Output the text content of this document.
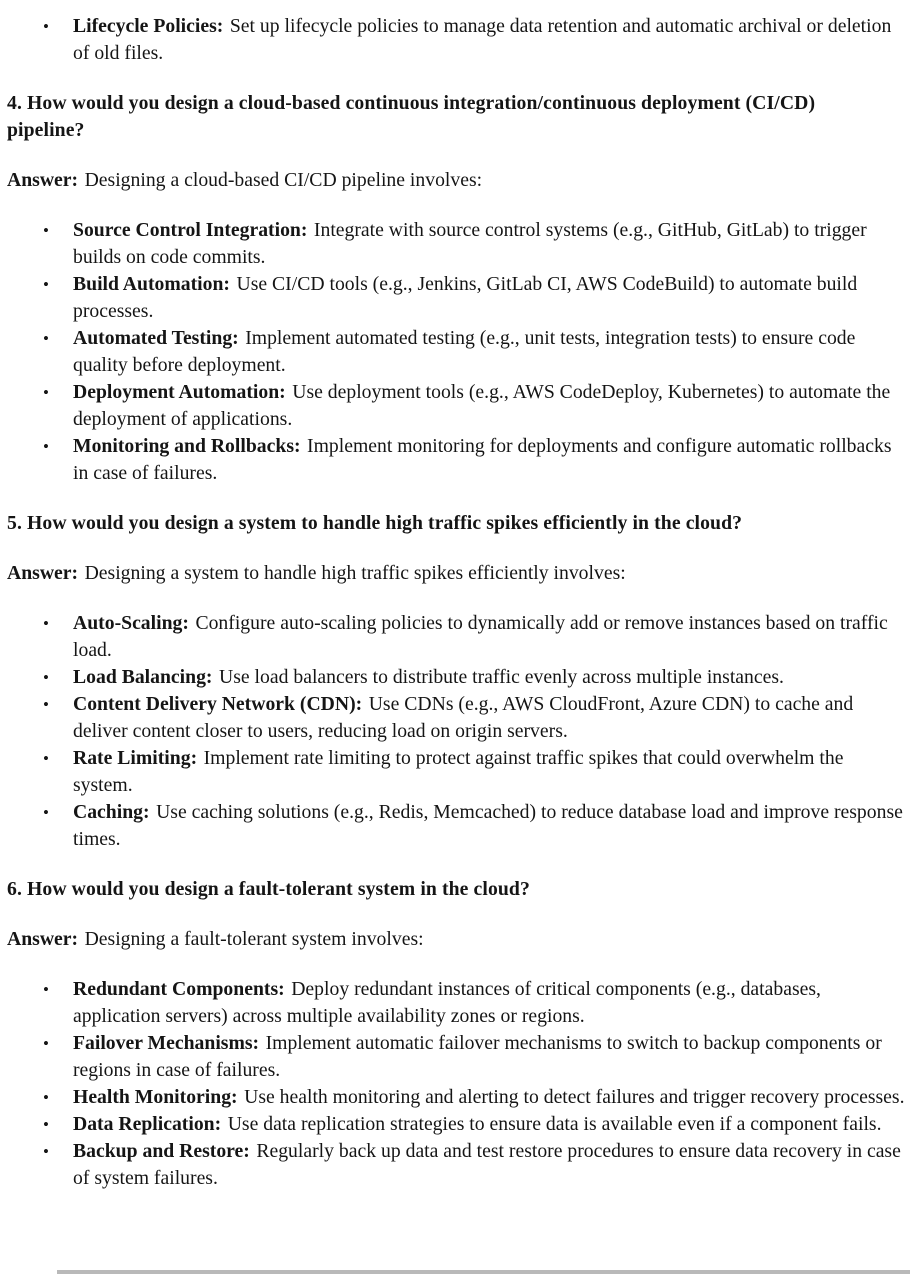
• Lifecycle Policies: Set up lifecycle policies to manage data retention and automatic archival or deletion of old files.
4. How would you design a cloud-based continuous integration/continuous deployment (CI/CD) pipeline?
Answer: Designing a cloud-based CI/CD pipeline involves:
• Source Control Integration: Integrate with source control systems (e.g., GitHub, GitLab) to trigger builds on code commits.
• Build Automation: Use CI/CD tools (e.g., Jenkins, GitLab CI, AWS CodeBuild) to automate build processes.
• Automated Testing: Implement automated testing (e.g., unit tests, integration tests) to ensure code quality before deployment.
• Deployment Automation: Use deployment tools (e.g., AWS CodeDeploy, Kubernetes) to automate the deployment of applications.
• Monitoring and Rollbacks: Implement monitoring for deployments and configure automatic rollbacks in case of failures.
5. How would you design a system to handle high traffic spikes efficiently in the cloud?
Answer: Designing a system to handle high traffic spikes efficiently involves:
• Auto-Scaling: Configure auto-scaling policies to dynamically add or remove instances based on traffic load.
• Load Balancing: Use load balancers to distribute traffic evenly across multiple instances.
• Content Delivery Network (CDN): Use CDNs (e.g., AWS CloudFront, Azure CDN) to cache and deliver content closer to users, reducing load on origin servers.
• Rate Limiting: Implement rate limiting to protect against traffic spikes that could overwhelm the system.
• Caching: Use caching solutions (e.g., Redis, Memcached) to reduce database load and improve response times.
6. How would you design a fault-tolerant system in the cloud?
Answer: Designing a fault-tolerant system involves:
• Redundant Components: Deploy redundant instances of critical components (e.g., databases, application servers) across multiple availability zones or regions.
• Failover Mechanisms: Implement automatic failover mechanisms to switch to backup components or regions in case of failures.
• Health Monitoring: Use health monitoring and alerting to detect failures and trigger recovery processes.
• Data Replication: Use data replication strategies to ensure data is available even if a component fails.
• Backup and Restore: Regularly back up data and test restore procedures to ensure data recovery in case of system failures.
